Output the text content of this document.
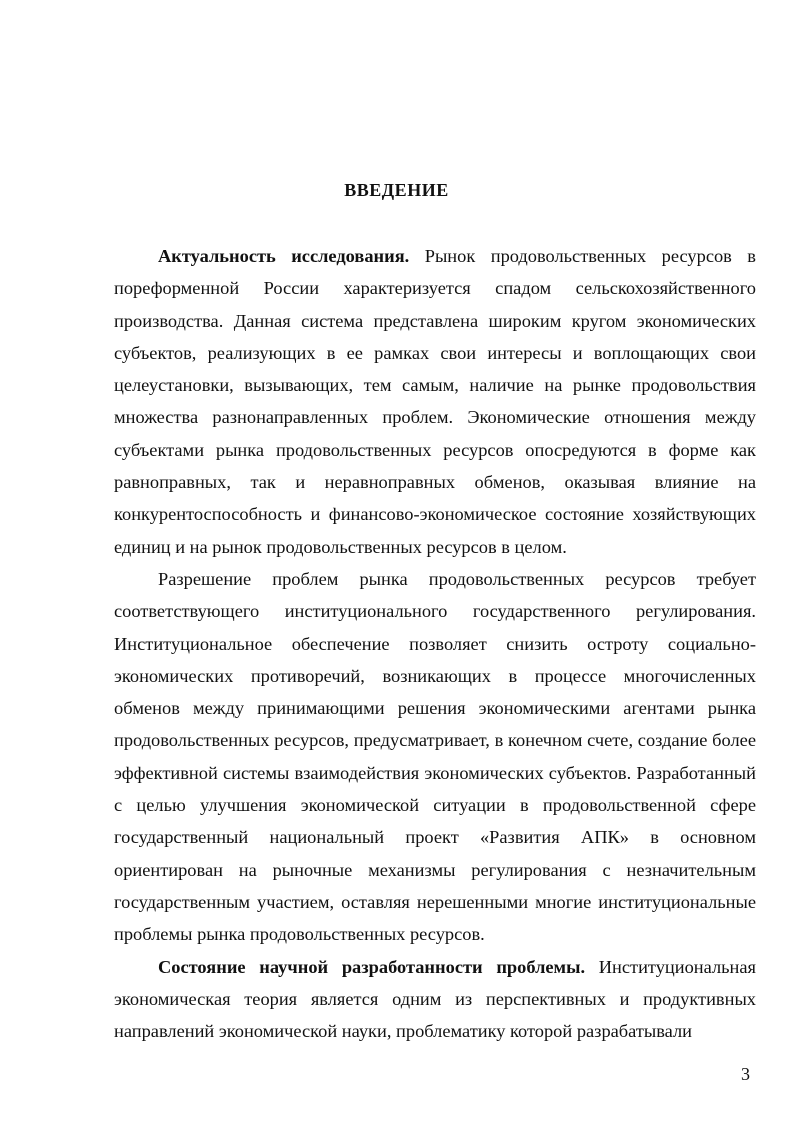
ВВЕДЕНИЕ

Актуальность исследования. Рынок продовольственных ресурсов в пореформенной России характеризуется спадом сельскохозяйственного производства. Данная система представлена широким кругом экономических субъектов, реализующих в ее рамках свои интересы и воплощающих свои целеустановки, вызывающих, тем самым, наличие на рынке продовольствия множества разнонаправленных проблем. Экономические отношения между субъектами рынка продовольственных ресурсов опосредуются в форме как равноправных, так и неравноправных обменов, оказывая влияние на конкурентоспособность и финансово-экономическое состояние хозяйствующих единиц и на рынок продовольственных ресурсов в целом.

Разрешение проблем рынка продовольственных ресурсов требует соответствующего институционального государственного регулирования. Институциональное обеспечение позволяет снизить остроту социально-экономических противоречий, возникающих в процессе многочисленных обменов между принимающими решения экономическими агентами рынка продовольственных ресурсов, предусматривает, в конечном счете, создание более эффективной системы взаимодействия экономических субъектов. Разработанный с целью улучшения экономической ситуации в продовольственной сфере государственный национальный проект «Развития АПК» в основном ориентирован на рыночные механизмы регулирования с незначительным государственным участием, оставляя нерешенными многие институциональные проблемы рынка продовольственных ресурсов.

Состояние научной разработанности проблемы. Институциональная экономическая теория является одним из перспективных и продуктивных направлений экономической науки, проблематику которой разрабатывали

3
